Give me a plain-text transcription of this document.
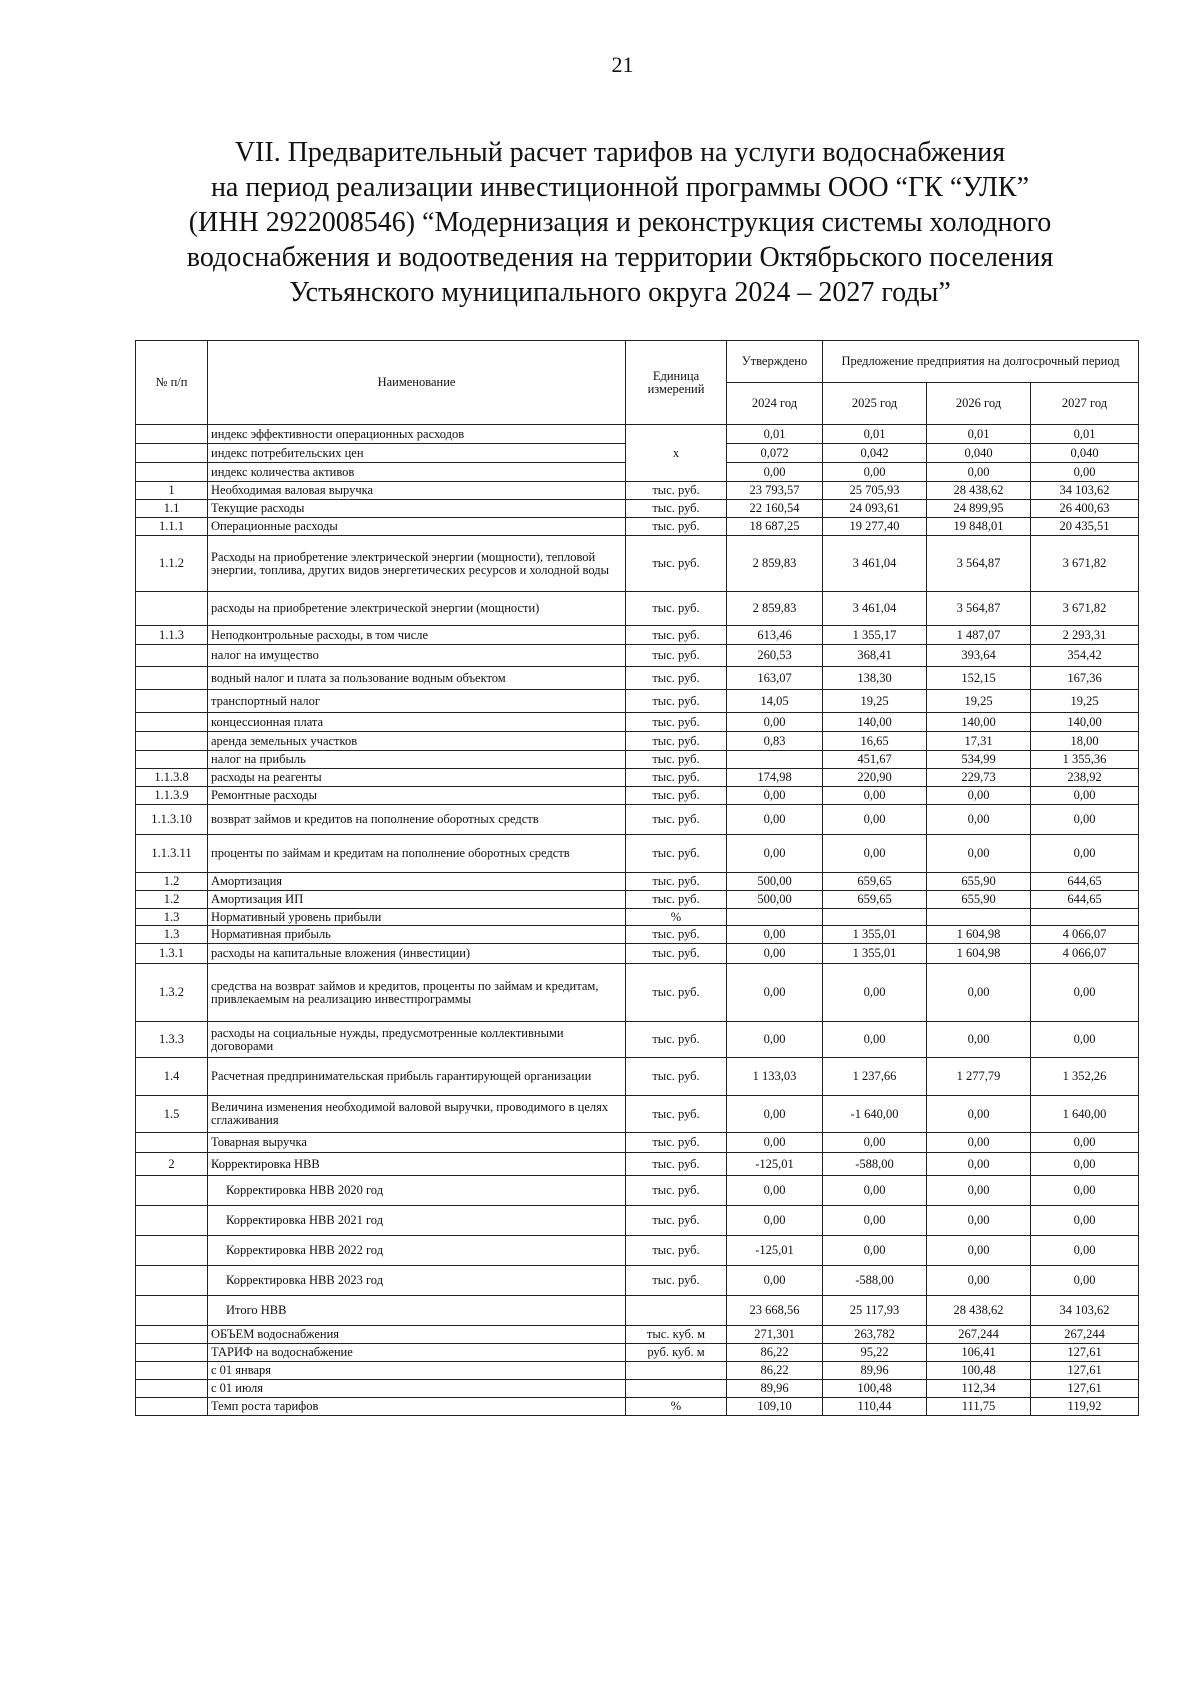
21
VII. Предварительный расчет тарифов на услуги водоснабжения
на период реализации инвестиционной программы ООО “ГК “УЛК”
(ИНН 2922008546) “Модернизация и реконструкция системы холодного
водоснабжения и водоотведения на территории Октябрьского поселения
Устьянского муниципального округа 2024 – 2027 годы”
№ п/п	Наименование	Единица измерений	Утверждено	Предложение предприятия на долгосрочный период		
			2024 год	2025 год	2026 год	2027 год
	индекс эффективности операционных расходов	х	0,01	0,01	0,01	0,01
	индекс потребительских цен		0,072	0,042	0,040	0,040
	индекс количества активов		0,00	0,00	0,00	0,00
1	Необходимая валовая выручка	тыс. руб.	23 793,57	25 705,93	28 438,62	34 103,62
1.1	Текущие расходы	тыс. руб.	22 160,54	24 093,61	24 899,95	26 400,63
1.1.1	Операционные расходы	тыс. руб.	18 687,25	19 277,40	19 848,01	20 435,51
1.1.2	Расходы на приобретение электрической энергии (мощности), тепловой энергии, топлива, других видов энергетических ресурсов и холодной воды	тыс. руб.	2 859,83	3 461,04	3 564,87	3 671,82
	расходы на приобретение электрической энергии (мощности)	тыс. руб.	2 859,83	3 461,04	3 564,87	3 671,82
1.1.3	Неподконтрольные расходы, в том числе	тыс. руб.	613,46	1 355,17	1 487,07	2 293,31
	налог на имущество	тыс. руб.	260,53	368,41	393,64	354,42
	водный налог и плата за пользование водным объектом	тыс. руб.	163,07	138,30	152,15	167,36
	транспортный налог	тыс. руб.	14,05	19,25	19,25	19,25
	концессионная плата	тыс. руб.	0,00	140,00	140,00	140,00
	аренда земельных участков	тыс. руб.	0,83	16,65	17,31	18,00
	налог на прибыль	тыс. руб.		451,67	534,99	1 355,36
1.1.3.8	расходы на реагенты	тыс. руб.	174,98	220,90	229,73	238,92
1.1.3.9	Ремонтные расходы	тыс. руб.	0,00	0,00	0,00	0,00
1.1.3.10	возврат займов и кредитов на пополнение оборотных средств	тыс. руб.	0,00	0,00	0,00	0,00
1.1.3.11	проценты по займам и кредитам на пополнение оборотных средств	тыс. руб.	0,00	0,00	0,00	0,00
1.2	Амортизация	тыс. руб.	500,00	659,65	655,90	644,65
1.2	Амортизация ИП	тыс. руб.	500,00	659,65	655,90	644,65
1.3	Нормативный уровень прибыли	%				
1.3	Нормативная прибыль	тыс. руб.	0,00	1 355,01	1 604,98	4 066,07
1.3.1	расходы на капитальные вложения (инвестиции)	тыс. руб.	0,00	1 355,01	1 604,98	4 066,07
1.3.2	средства на возврат займов и кредитов, проценты по займам и кредитам, привлекаемым на реализацию инвестпрограммы	тыс. руб.	0,00	0,00	0,00	0,00
1.3.3	расходы на социальные нужды, предусмотренные коллективными договорами	тыс. руб.	0,00	0,00	0,00	0,00
1.4	Расчетная предпринимательская прибыль гарантирующей организации	тыс. руб.	1 133,03	1 237,66	1 277,79	1 352,26
1.5	Величина изменения необходимой валовой выручки, проводимого в целях сглаживания	тыс. руб.	0,00	-1 640,00	0,00	1 640,00
	Товарная выручка	тыс. руб.	0,00	0,00	0,00	0,00
2	Корректировка НВВ	тыс. руб.	-125,01	-588,00	0,00	0,00
	Корректировка НВВ 2020 год	тыс. руб.	0,00	0,00	0,00	0,00
	Корректировка НВВ 2021 год	тыс. руб.	0,00	0,00	0,00	0,00
	Корректировка НВВ 2022 год	тыс. руб.	-125,01	0,00	0,00	0,00
	Корректировка НВВ 2023 год	тыс. руб.	0,00	-588,00	0,00	0,00
	Итого НВВ		23 668,56	25 117,93	28 438,62	34 103,62
	ОБЪЕМ водоснабжения	тыс. куб. м	271,301	263,782	267,244	267,244
	ТАРИФ на водоснабжение	руб. куб. м	86,22	95,22	106,41	127,61
	с 01 января		86,22	89,96	100,48	127,61
	с 01 июля		89,96	100,48	112,34	127,61
	Темп роста тарифов	%	109,10	110,44	111,75	119,92
